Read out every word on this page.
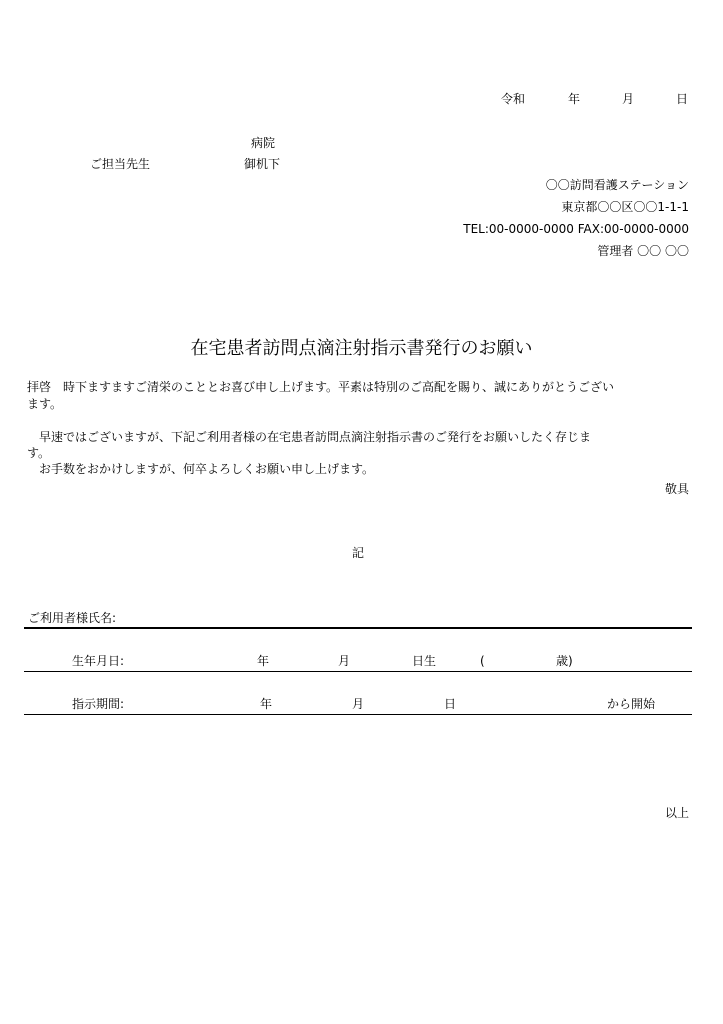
令和	年	月	日
病院
ご担当先生	御机下
〇〇訪問看護ステーション
東京都〇〇区〇〇1-1-1
TEL:00-0000-0000 FAX:00-0000-0000
管理者 〇〇 〇〇
在宅患者訪問点滴注射指示書発行のお願い
拝啓　時下ますますご清栄のこととお喜び申し上げます。平素は特別のご高配を賜り、誠にありがとうござい
ます。
　早速ではございますが、下記ご利用者様の在宅患者訪問点滴注射指示書のご発行をお願いしたく存じま
す。
　お手数をおかけしますが、何卒よろしくお願い申し上げます。
敬具
記
ご利用者様氏名:
生年月日:	年	月	日生	(	歳)
指示期間:	年	月	日	から開始
以上
